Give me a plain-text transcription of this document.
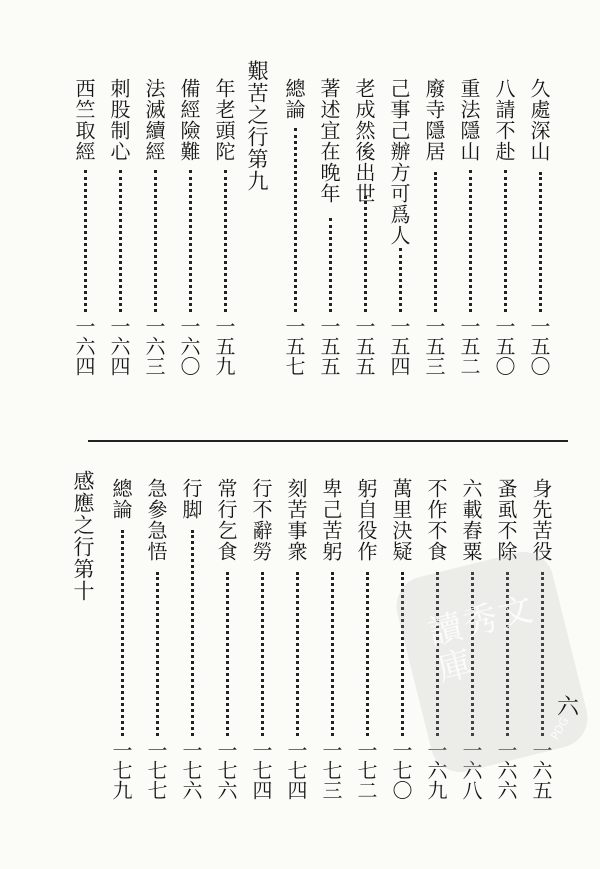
久處深山
一五〇
八請不赴
一五〇
重法隱山
一五二
廢寺隱居
一五三
己事己辦方可爲人
一五四
老成然後出世
一五五
著述宜在晚年
一五五
總論
一五七
艱苦之行第九
年老頭陀
一五九
備經險難
一六〇
法滅續經
一六三
刺股制心
一六四
西竺取經
一六四
身先苦役
一六五
蚤虱不除
一六六
六載舂粟
一六八
不作不食
一六九
萬里決疑
一七〇
躬自役作
一七二
卑己苦躬
一七三
刻苦事衆
一七四
行不辭勞
一七四
常行乞食
一七六
行脚
一七六
急參急悟
一七七
總論
一七九
感應之行第十
讀秀文庫
PDG
六
